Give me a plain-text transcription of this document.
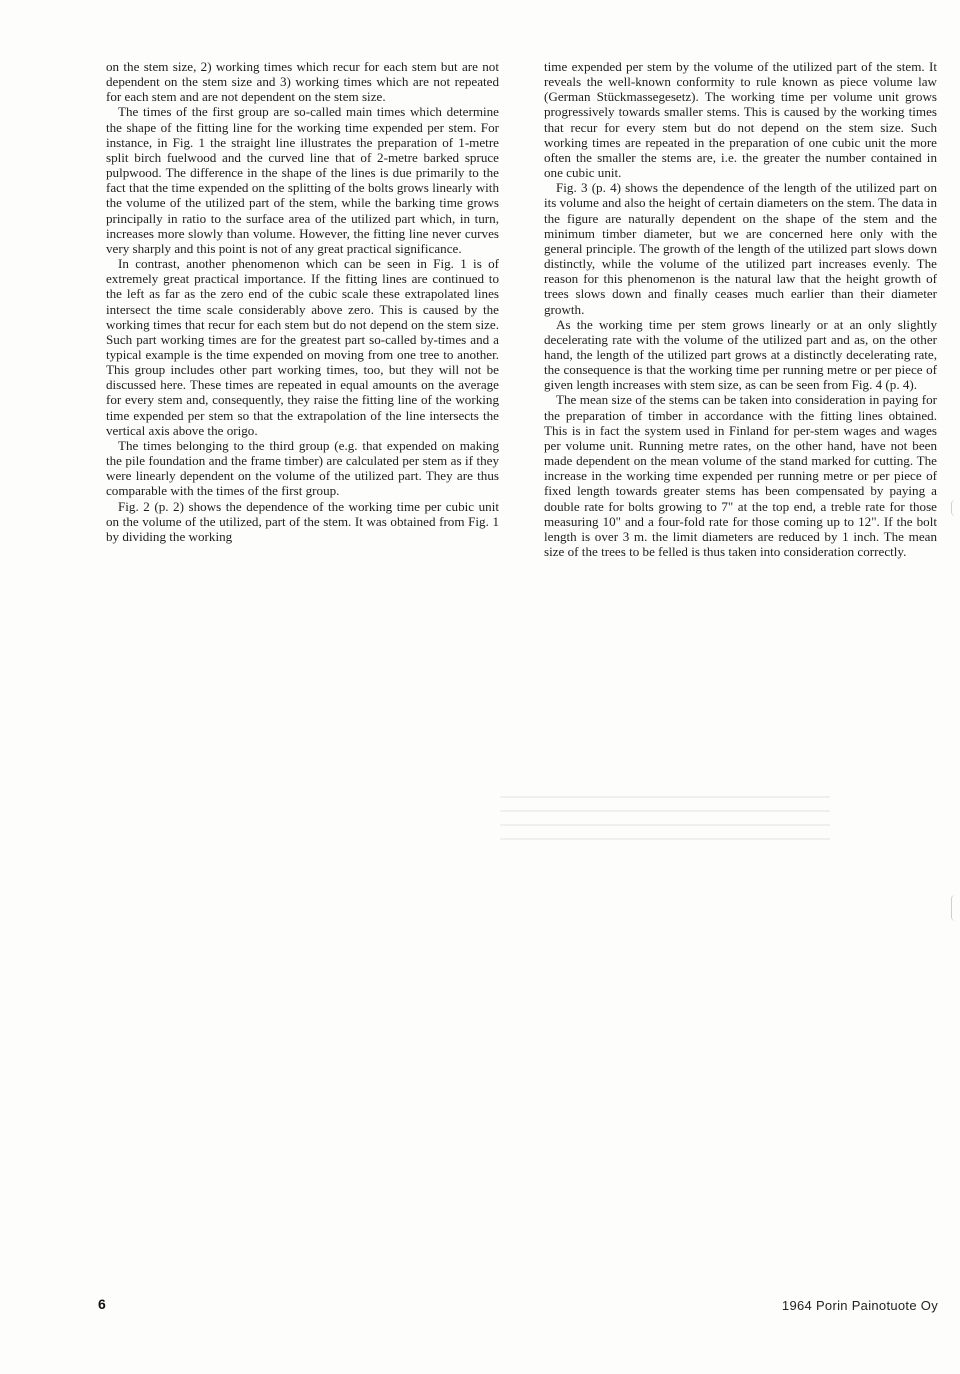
on the stem size, 2) working times which recur for each stem but are not dependent on the stem size and 3) working times which are not repeated for each stem and are not dependent on the stem size.

The times of the first group are so-called main times which determine the shape of the fitting line for the working time expended per stem. For instance, in Fig. 1 the straight line illustrates the preparation of 1-metre split birch fuelwood and the curved line that of 2-metre barked spruce pulpwood. The difference in the shape of the lines is due primarily to the fact that the time expended on the splitting of the bolts grows linearly with the volume of the utilized part of the stem, while the barking time grows principally in ratio to the surface area of the utilized part which, in turn, increases more slowly than volume. However, the fitting line never curves very sharply and this point is not of any great practical significance.

In contrast, another phenomenon which can be seen in Fig. 1 is of extremely great practical importance. If the fitting lines are continued to the left as far as the zero end of the cubic scale these extrapolated lines intersect the time scale considerably above zero. This is caused by the working times that recur for each stem but do not depend on the stem size. Such part working times are for the greatest part so-called by-times and a typical example is the time expended on moving from one tree to another. This group includes other part working times, too, but they will not be discussed here. These times are repeated in equal amounts on the average for every stem and, consequently, they raise the fitting line of the working time expended per stem so that the extrapolation of the line intersects the vertical axis above the origo.

The times belonging to the third group (e.g. that expended on making the pile foundation and the frame timber) are calculated per stem as if they were linearly dependent on the volume of the utilized part. They are thus comparable with the times of the first group.

Fig. 2 (p. 2) shows the dependence of the working time per cubic unit on the volume of the utilized, part of the stem. It was obtained from Fig. 1 by dividing the working

time expended per stem by the volume of the utilized part of the stem. It reveals the well-known conformity to rule known as piece volume law (German Stückmassegesetz). The working time per volume unit grows progressively towards smaller stems. This is caused by the working times that recur for every stem but do not depend on the stem size. Such working times are repeated in the preparation of one cubic unit the more often the smaller the stems are, i.e. the greater the number contained in one cubic unit.

Fig. 3 (p. 4) shows the dependence of the length of the utilized part on its volume and also the height of certain diameters on the stem. The data in the figure are naturally dependent on the shape of the stem and the minimum timber diameter, but we are concerned here only with the general principle. The growth of the length of the utilized part slows down distinctly, while the volume of the utilized part increases evenly. The reason for this phenomenon is the natural law that the height growth of trees slows down and finally ceases much earlier than their diameter growth.

As the working time per stem grows linearly or at an only slightly decelerating rate with the volume of the utilized part and as, on the other hand, the length of the utilized part grows at a distinctly decelerating rate, the consequence is that the working time per running metre or per piece of given length increases with stem size, as can be seen from Fig. 4 (p. 4).

The mean size of the stems can be taken into consideration in paying for the preparation of timber in accordance with the fitting lines obtained. This is in fact the system used in Finland for per-stem wages and wages per volume unit. Running metre rates, on the other hand, have not been made dependent on the mean volume of the stand marked for cutting. The increase in the working time expended per running metre or per piece of fixed length towards greater stems has been compensated by paying a double rate for bolts growing to 7" at the top end, a treble rate for those measuring 10" and a four-fold rate for those coming up to 12". If the bolt length is over 3 m. the limit diameters are reduced by 1 inch. The mean size of the trees to be felled is thus taken into consideration correctly.

6	1964 Porin Painotuote Oy
